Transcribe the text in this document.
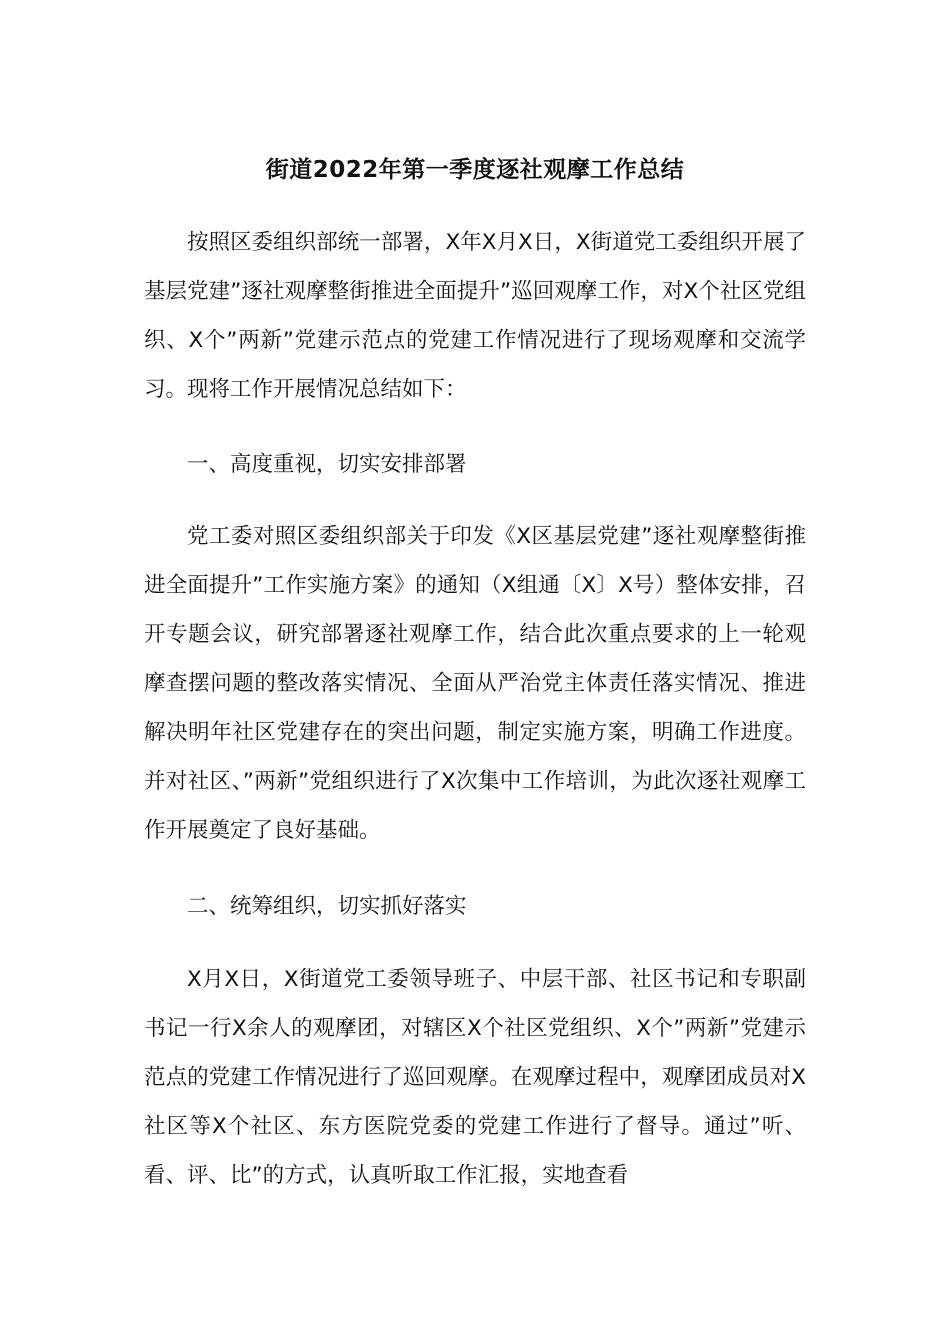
街道2022年第一季度逐社观摩工作总结

按照区委组织部统一部署，X年X月X日，X街道党工委组织开展了基层党建”逐社观摩整街推进全面提升”巡回观摩工作，对X个社区党组织、X个”两新”党建示范点的党建工作情况进行了现场观摩和交流学习。现将工作开展情况总结如下：

一、高度重视，切实安排部署

党工委对照区委组织部关于印发《X区基层党建”逐社观摩整街推进全面提升”工作实施方案》的通知（X组通〔X〕X号）整体安排，召开专题会议，研究部署逐社观摩工作，结合此次重点要求的上一轮观摩查摆问题的整改落实情况、全面从严治党主体责任落实情况、推进解决明年社区党建存在的突出问题，制定实施方案，明确工作进度。并对社区、”两新”党组织进行了X次集中工作培训，为此次逐社观摩工作开展奠定了良好基础。

二、统筹组织，切实抓好落实

X月X日，X街道党工委领导班子、中层干部、社区书记和专职副书记一行X余人的观摩团，对辖区X个社区党组织、X个”两新”党建示范点的党建工作情况进行了巡回观摩。在观摩过程中，观摩团成员对X社区等X个社区、东方医院党委的党建工作进行了督导。通过”听、看、评、比”的方式，认真听取工作汇报，实地查看
